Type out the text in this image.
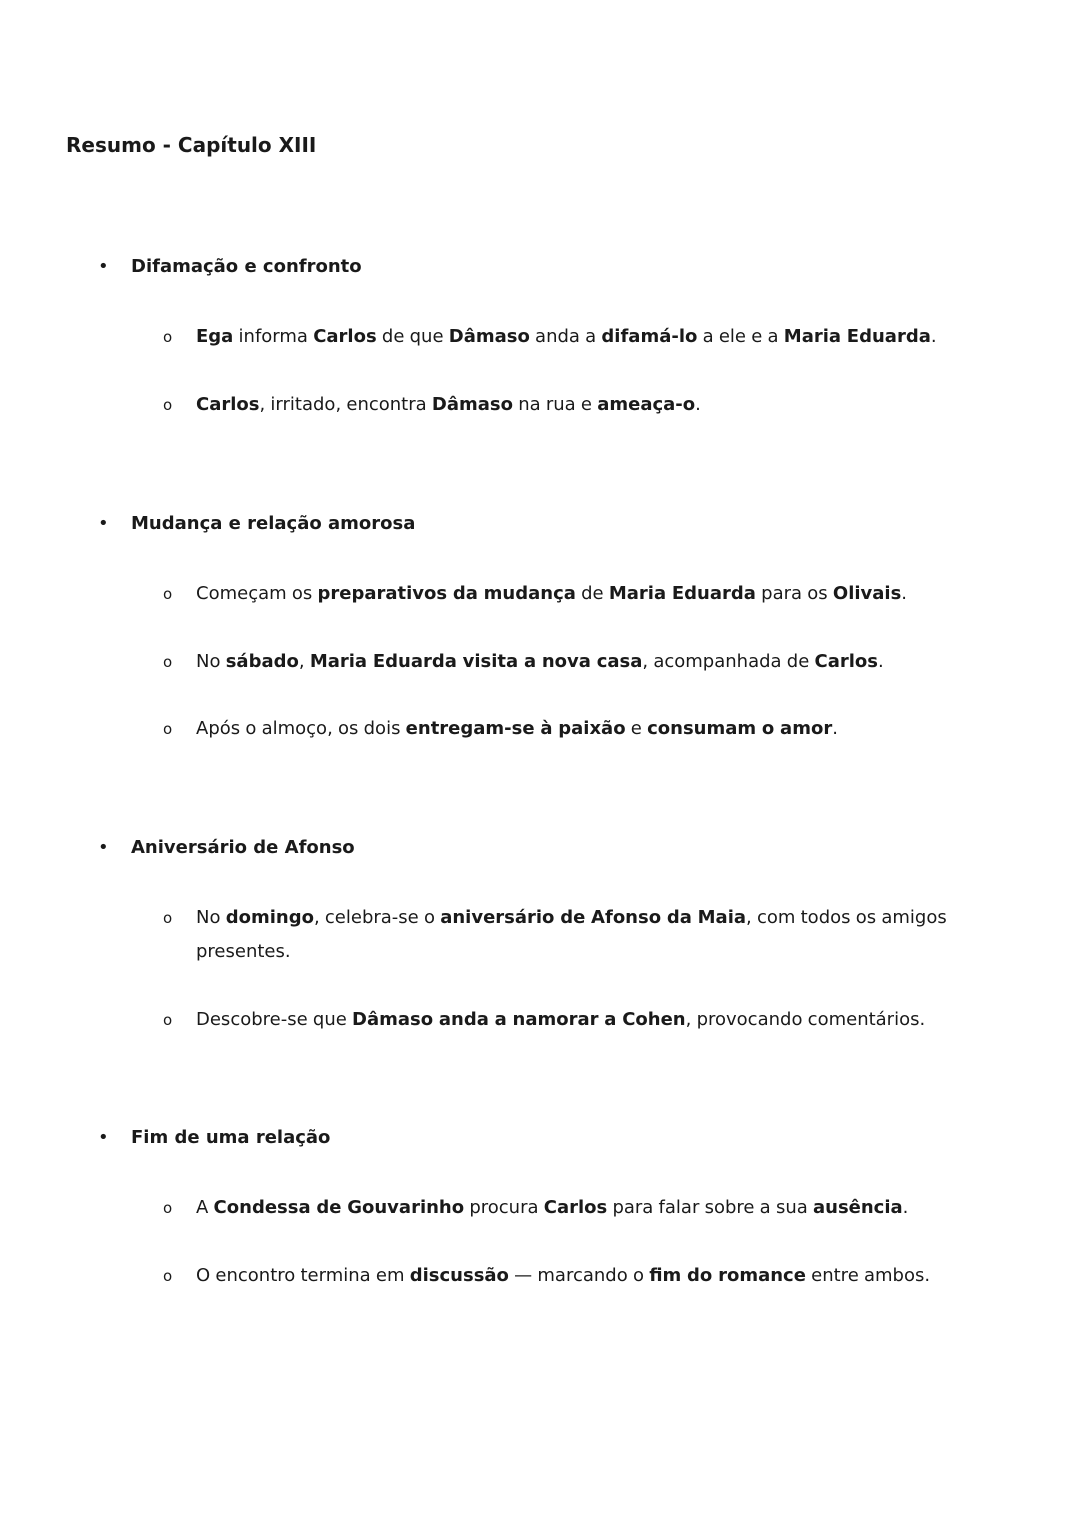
Resumo - Capítulo XIII
•	Difamação e confronto
o Ega informa Carlos de que Dâmaso anda a difamá-lo a ele e a Maria Eduarda.
o Carlos, irritado, encontra Dâmaso na rua e ameaça-o.
•	Mudança e relação amorosa
o Começam os preparativos da mudança de Maria Eduarda para os Olivais.
o No sábado, Maria Eduarda visita a nova casa, acompanhada de Carlos.
o Após o almoço, os dois entregam-se à paixão e consumam o amor.
•	Aniversário de Afonso
o No domingo, celebra-se o aniversário de Afonso da Maia, com todos os amigos presentes.
o Descobre-se que Dâmaso anda a namorar a Cohen, provocando comentários.
•	Fim de uma relação
o A Condessa de Gouvarinho procura Carlos para falar sobre a sua ausência.
o O encontro termina em discussão — marcando o fim do romance entre ambos.
